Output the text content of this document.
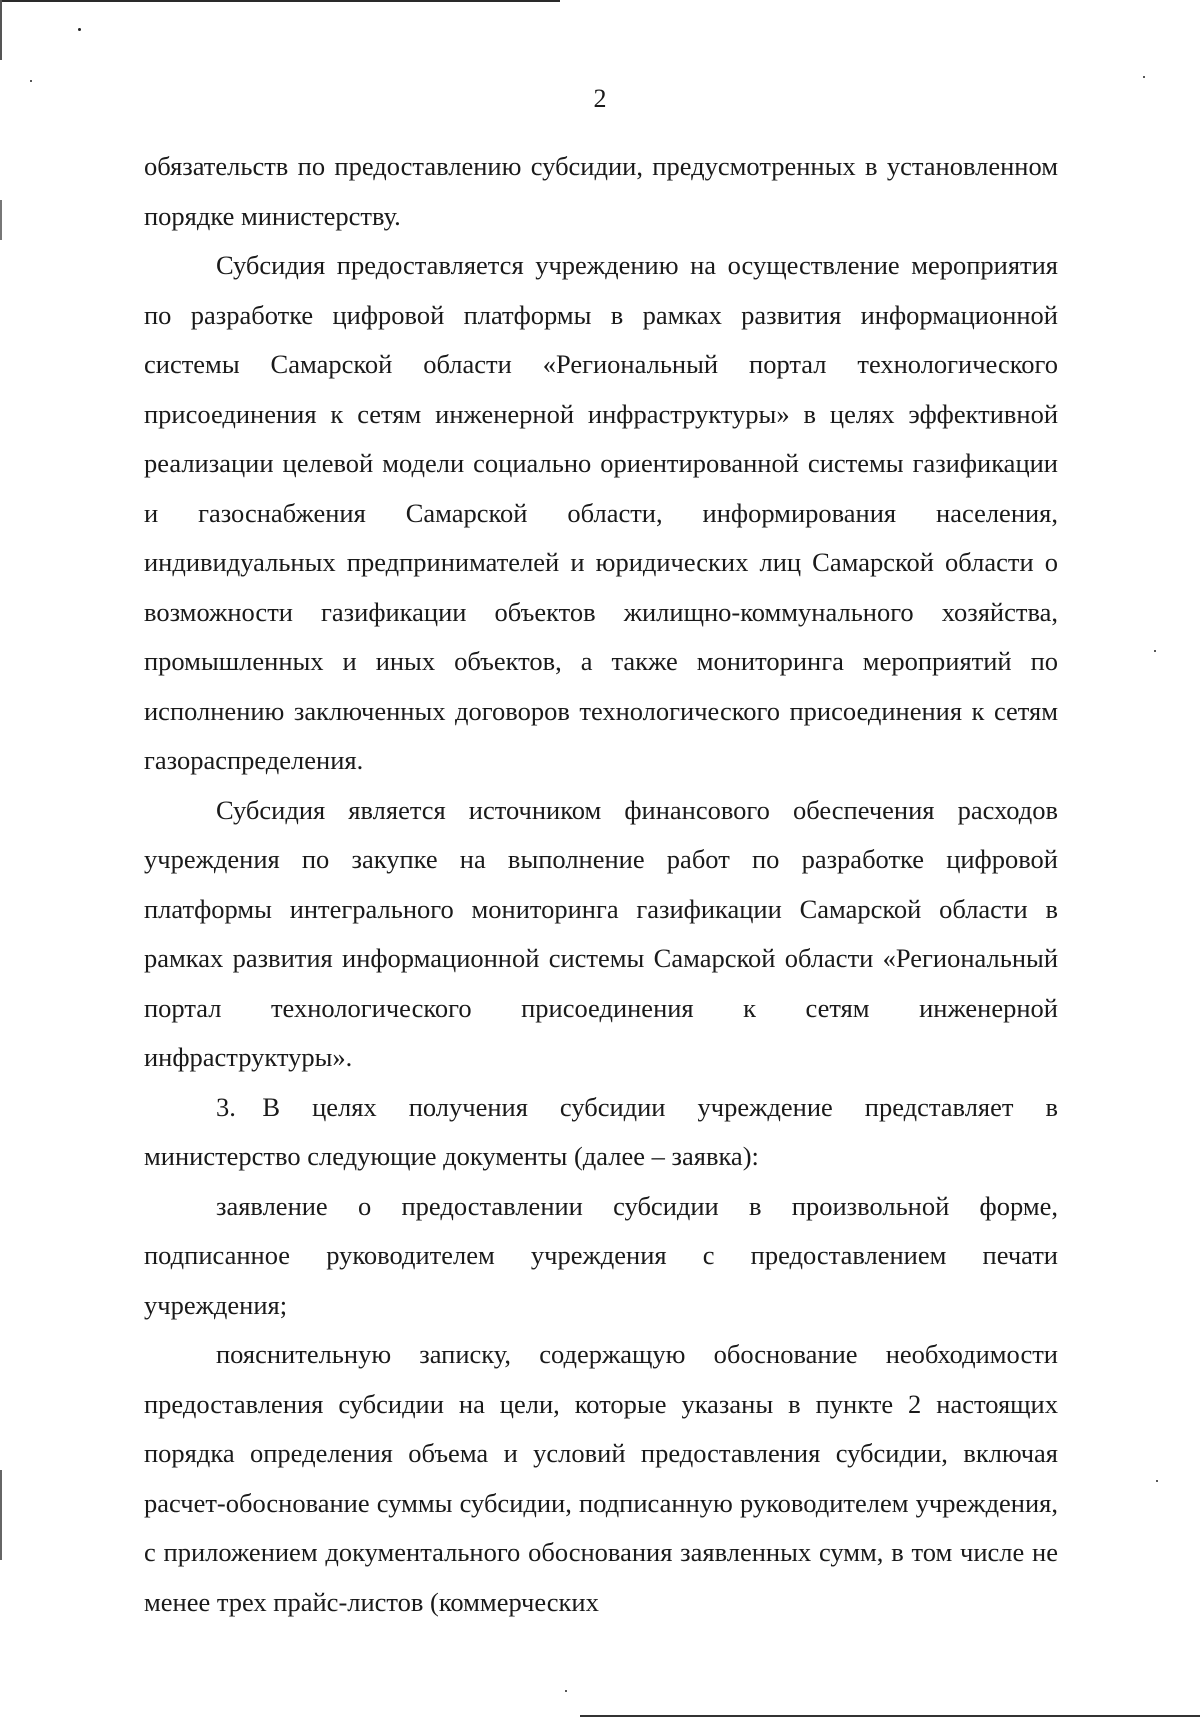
2

обязательств по предоставлению субсидии, предусмотренных в установленном порядке министерству.

Субсидия предоставляется учреждению на осуществление мероприятия по разработке цифровой платформы в рамках развития информационной системы Самарской области «Региональный портал технологического присоединения к сетям инженерной инфраструктуры» в целях эффективной реализации целевой модели социально ориентированной системы газификации и газоснабжения Самарской области, информирования населения, индивидуальных предпринимателей и юридических лиц Самарской области о возможности газификации объектов жилищно-коммунального хозяйства, промышленных и иных объектов, а также мониторинга мероприятий по исполнению заключенных договоров технологического присоединения к сетям газораспределения.

Субсидия является источником финансового обеспечения расходов учреждения по закупке на выполнение работ по разработке цифровой платформы интегрального мониторинга газификации Самарской области в рамках развития информационной системы Самарской области «Региональный портал технологического присоединения к сетям инженерной инфраструктуры».

3. В целях получения субсидии учреждение представляет в министерство следующие документы (далее – заявка):

заявление о предоставлении субсидии в произвольной форме, подписанное руководителем учреждения с предоставлением печати учреждения;

пояснительную записку, содержащую обоснование необходимости предоставления субсидии на цели, которые указаны в пункте 2 настоящих порядка определения объема и условий предоставления субсидии, включая расчет-обоснование суммы субсидии, подписанную руководителем учреждения, с приложением документального обоснования заявленных сумм, в том числе не менее трех прайс-листов (коммерческих
